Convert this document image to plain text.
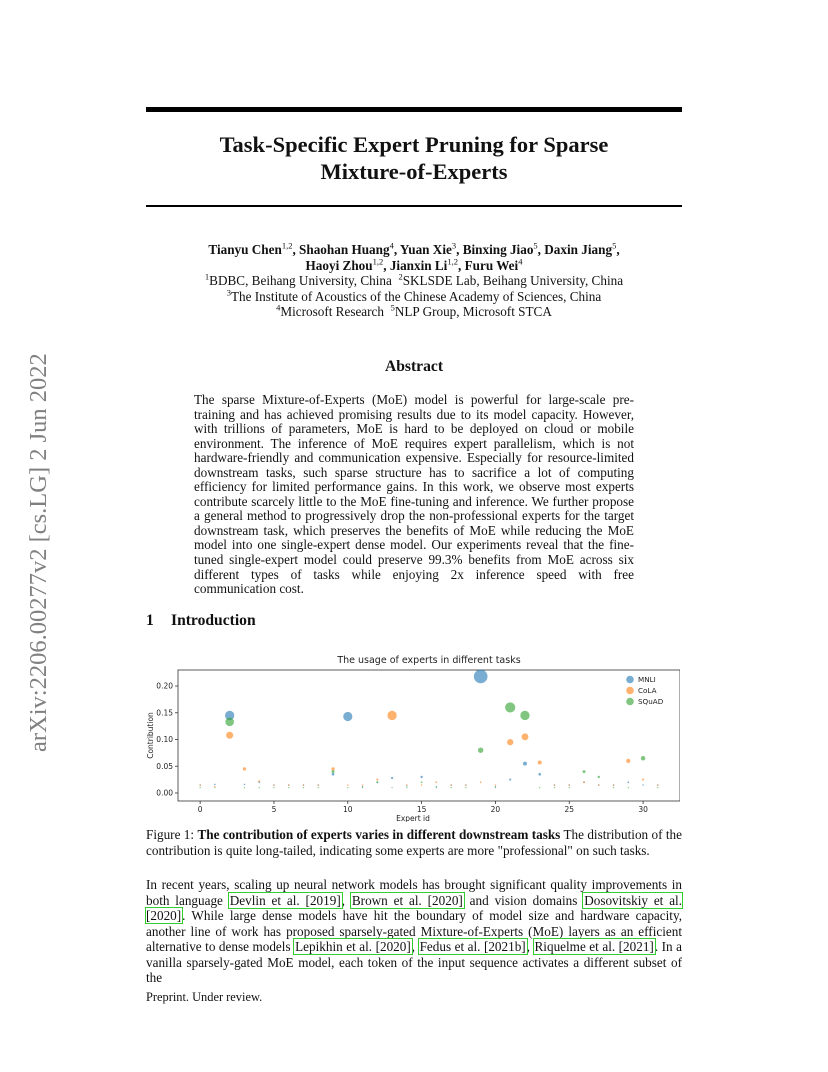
arXiv:2206.00277v2 [cs.LG] 2 Jun 2022
Task-Specific Expert Pruning for Sparse
Mixture-of-Experts
Tianyu Chen$^{1,2}$, Shaohan Huang$^4$, Yuan Xie$^3$, Binxing Jiao$^5$, Daxin Jiang$^5$,
Haoyi Zhou$^{1,2}$, Jianxin Li$^{1,2}$, Furu Wei$^4$
$^1$BDBC, Beihang University, China $^2$SKLSDE Lab, Beihang University, China
$^3$The Institute of Acoustics of the Chinese Academy of Sciences, China
$^4$Microsoft Research $^5$NLP Group, Microsoft STCA
Abstract
The sparse Mixture-of-Experts (MoE) model is powerful for large-scale pre-training and has achieved promising results due to its model capacity. However, with trillions of parameters, MoE is hard to be deployed on cloud or mobile environment. The inference of MoE requires expert parallelism, which is not hardware-friendly and communication expensive. Especially for resource-limited downstream tasks, such sparse structure has to sacrifice a lot of computing efficiency for limited performance gains. In this work, we observe most experts contribute scarcely little to the MoE fine-tuning and inference. We further propose a general method to progressively drop the non-professional experts for the target downstream task, which preserves the benefits of MoE while reducing the MoE model into one single-expert dense model. Our experiments reveal that the fine-tuned single-expert model could preserve 99.3% benefits from MoE across six different types of tasks while enjoying 2x inference speed with free communication cost.
1 Introduction
The usage of experts in different tasks
0	5	10	15	20	25	30
0.00
0.05
0.10
0.15
0.20
Expert id
Contribution
MNLI
CoLA
SQuAD
Figure 1: The contribution of experts varies in different downstream tasks The distribution of the contribution is quite long-tailed, indicating some experts are more "professional" on such tasks.
In recent years, scaling up neural network models has brought significant quality improvements in both language Devlin et al. [2019], Brown et al. [2020] and vision domains Dosovitskiy et al. [2020]. While large dense models have hit the boundary of model size and hardware capacity, another line of work has proposed sparsely-gated Mixture-of-Experts (MoE) layers as an efficient alternative to dense models Lepikhin et al. [2020], Fedus et al. [2021b], Riquelme et al. [2021]. In a vanilla sparsely-gated MoE model, each token of the input sequence activates a different subset of the
Preprint. Under review.
